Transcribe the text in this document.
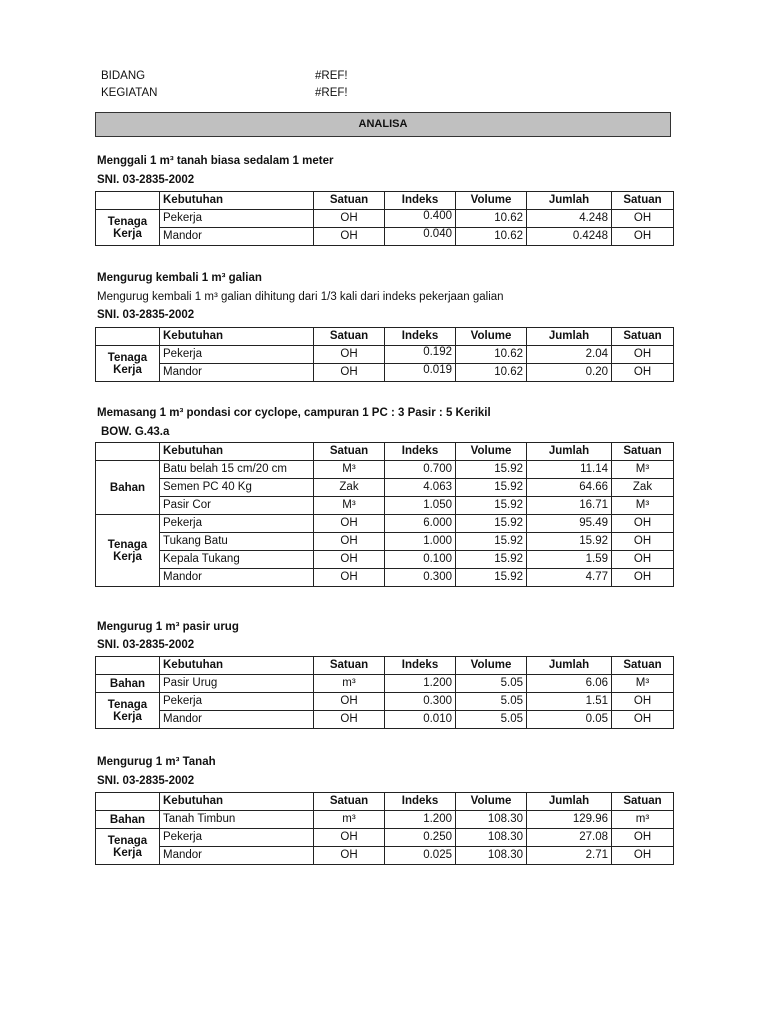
BIDANG	#REF!
KEGIATAN	#REF!
ANALISA
Menggali 1 m³ tanah biasa sedalam 1 meter
SNI. 03-2835-2002
	Kebutuhan	Satuan	Indeks	Volume	Jumlah	Satuan
Tenaga Kerja	Pekerja	OH	0.400	10.62	4.248	OH
	Mandor	OH	0.040	10.62	0.4248	OH
Mengurug kembali 1 m³ galian
Mengurug kembali 1 m³ galian dihitung dari 1/3 kali dari indeks pekerjaan galian
SNI. 03-2835-2002
	Kebutuhan	Satuan	Indeks	Volume	Jumlah	Satuan
Tenaga Kerja	Pekerja	OH	0.192	10.62	2.04	OH
	Mandor	OH	0.019	10.62	0.20	OH
Memasang 1 m³ pondasi cor cyclope, campuran 1 PC : 3 Pasir : 5 Kerikil
BOW. G.43.a
	Kebutuhan	Satuan	Indeks	Volume	Jumlah	Satuan
Bahan	Batu belah 15 cm/20 cm	M³	0.700	15.92	11.14	M³
	Semen PC 40 Kg	Zak	4.063	15.92	64.66	Zak
	Pasir Cor	M³	1.050	15.92	16.71	M³
Tenaga Kerja	Pekerja	OH	6.000	15.92	95.49	OH
	Tukang Batu	OH	1.000	15.92	15.92	OH
	Kepala Tukang	OH	0.100	15.92	1.59	OH
	Mandor	OH	0.300	15.92	4.77	OH
Mengurug 1 m³ pasir urug
SNI. 03-2835-2002
	Kebutuhan	Satuan	Indeks	Volume	Jumlah	Satuan
Bahan	Pasir Urug	m³	1.200	5.05	6.06	M³
Tenaga Kerja	Pekerja	OH	0.300	5.05	1.51	OH
	Mandor	OH	0.010	5.05	0.05	OH
Mengurug 1 m³ Tanah
SNI. 03-2835-2002
	Kebutuhan	Satuan	Indeks	Volume	Jumlah	Satuan
Bahan	Tanah Timbun	m³	1.200	108.30	129.96	m³
Tenaga Kerja	Pekerja	OH	0.250	108.30	27.08	OH
	Mandor	OH	0.025	108.30	2.71	OH
